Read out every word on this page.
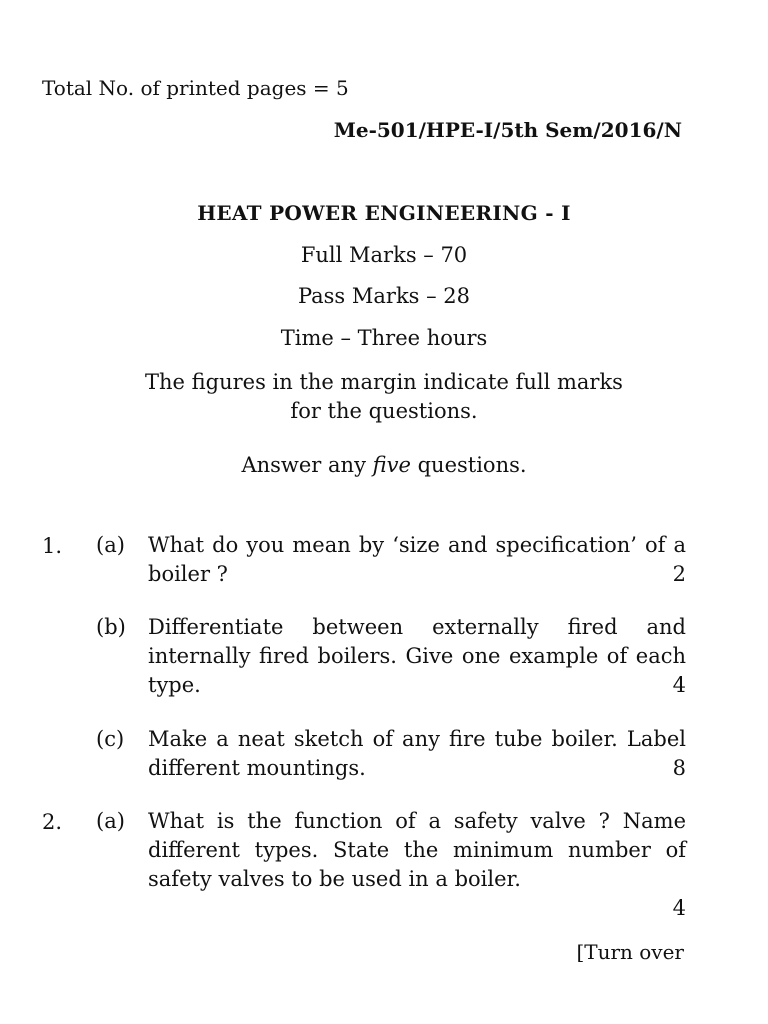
Total No. of printed pages = 5
Me-501/HPE-I/5th Sem/2016/N
HEAT POWER ENGINEERING - I
Full Marks – 70
Pass Marks – 28
Time – Three hours
The figures in the margin indicate full marks
for the questions.
Answer any five questions.
1. (a) What do you mean by ‘size and specification’ of a boiler ?	2
(b) Differentiate between externally fired and internally fired boilers. Give one example of each type.	4
(c) Make a neat sketch of any fire tube boiler. Label different mountings.	8
2. (a) What is the function of a safety valve ? Name different types. State the minimum number of safety valves to be used in a boiler.
4
[Turn over
